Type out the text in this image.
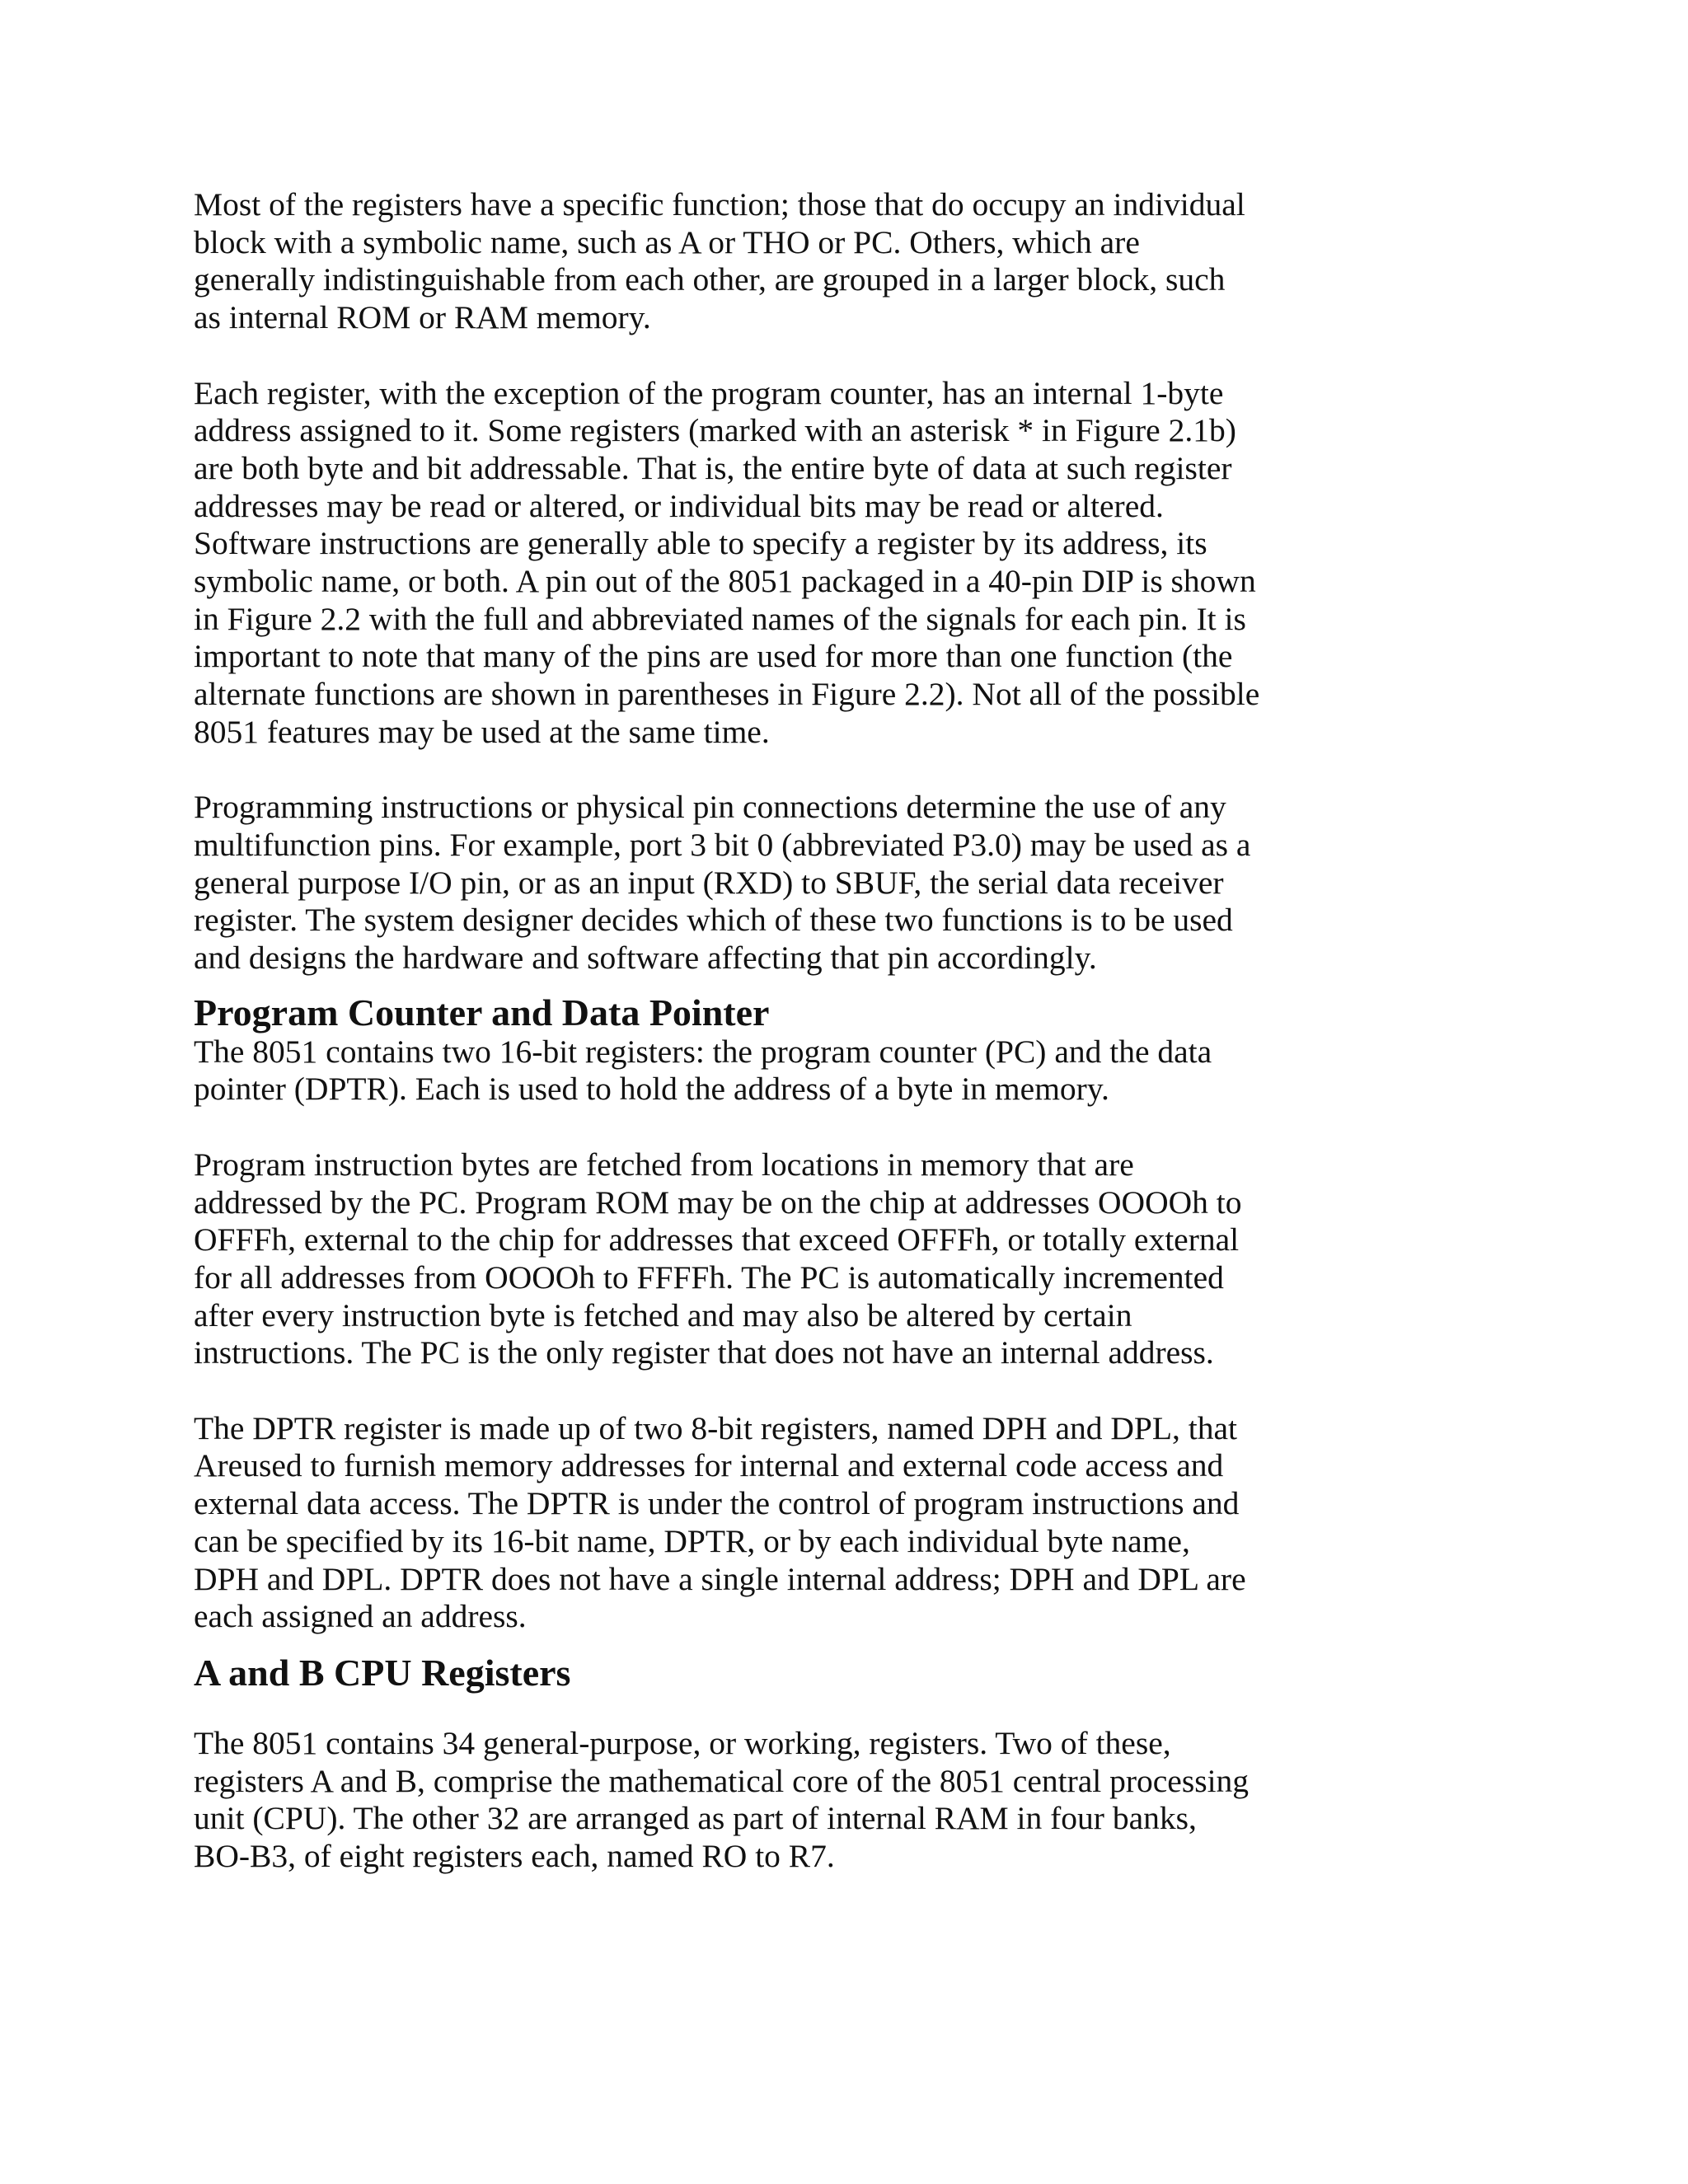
Most of the registers have a specific function; those that do occupy an individual
block with a symbolic name, such as A or THO or PC. Others, which are
generally indistinguishable from each other, are grouped in a larger block, such
as internal ROM or RAM memory.

Each register, with the exception of the program counter, has an internal 1-byte
address assigned to it. Some registers (marked with an asterisk * in Figure 2.1b)
are both byte and bit addressable. That is, the entire byte of data at such register
addresses may be read or altered, or individual bits may be read or altered.
Software instructions are generally able to specify a register by its address, its
symbolic name, or both. A pin out of the 8051 packaged in a 40-pin DIP is shown
in Figure 2.2 with the full and abbreviated names of the signals for each pin. It is
important to note that many of the pins are used for more than one function (the
alternate functions are shown in parentheses in Figure 2.2). Not all of the possible
8051 features may be used at the same time.

Programming instructions or physical pin connections determine the use of any
multifunction pins. For example, port 3 bit 0 (abbreviated P3.0) may be used as a
general purpose I/O pin, or as an input (RXD) to SBUF, the serial data receiver
register. The system designer decides which of these two functions is to be used
and designs the hardware and software affecting that pin accordingly.

Program Counter and Data Pointer

The 8051 contains two 16-bit registers: the program counter (PC) and the data
pointer (DPTR). Each is used to hold the address of a byte in memory.

Program instruction bytes are fetched from locations in memory that are
addressed by the PC. Program ROM may be on the chip at addresses OOOOh to
OFFFh, external to the chip for addresses that exceed OFFFh, or totally external
for all addresses from OOOOh to FFFFh. The PC is automatically incremented
after every instruction byte is fetched and may also be altered by certain
instructions. The PC is the only register that does not have an internal address.

The DPTR register is made up of two 8-bit registers, named DPH and DPL, that
Areused to furnish memory addresses for internal and external code access and
external data access. The DPTR is under the control of program instructions and
can be specified by its 16-bit name, DPTR, or by each individual byte name,
DPH and DPL. DPTR does not have a single internal address; DPH and DPL are
each assigned an address.

A and B CPU Registers

The 8051 contains 34 general-purpose, or working, registers. Two of these,
registers A and B, comprise the mathematical core of the 8051 central processing
unit (CPU). The other 32 are arranged as part of internal RAM in four banks,
BO-B3, of eight registers each, named RO to R7.
